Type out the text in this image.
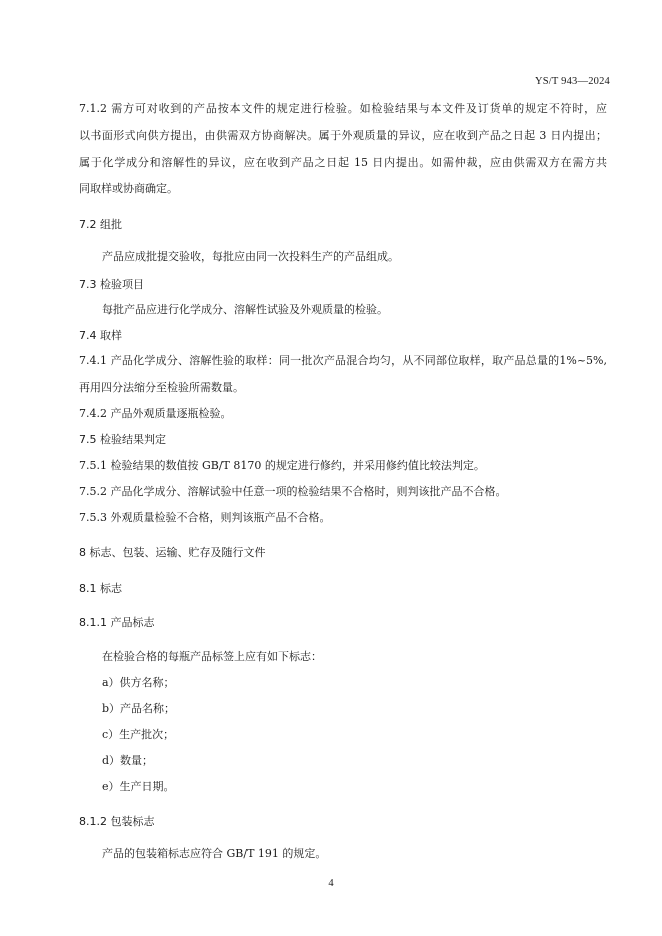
YS/T 943—2024
7.1.2 需方可对收到的产品按本文件的规定进行检验。如检验结果与本文件及订货单的规定不符时，应
以书面形式向供方提出，由供需双方协商解决。属于外观质量的异议，应在收到产品之日起 3 日内提出；
属于化学成分和溶解性的异议，应在收到产品之日起 15 日内提出。如需仲裁，应由供需双方在需方共
同取样或协商确定。
7.2 组批
产品应成批提交验收，每批应由同一次投料生产的产品组成。
7.3 检验项目
每批产品应进行化学成分、溶解性试验及外观质量的检验。
7.4 取样
7.4.1 产品化学成分、溶解性验的取样：同一批次产品混合均匀，从不同部位取样，取产品总量的1%~5%,
再用四分法缩分至检验所需数量。
7.4.2 产品外观质量逐瓶检验。
7.5 检验结果判定
7.5.1 检验结果的数值按 GB/T 8170 的规定进行修约，并采用修约值比较法判定。
7.5.2 产品化学成分、溶解试验中任意一项的检验结果不合格时，则判该批产品不合格。
7.5.3 外观质量检验不合格，则判该瓶产品不合格。
8 标志、包装、运输、贮存及随行文件
8.1 标志
8.1.1 产品标志
在检验合格的每瓶产品标签上应有如下标志：
a）供方名称；
b）产品名称；
c）生产批次；
d）数量；
e）生产日期。
8.1.2 包装标志
产品的包装箱标志应符合 GB/T 191 的规定。
4
